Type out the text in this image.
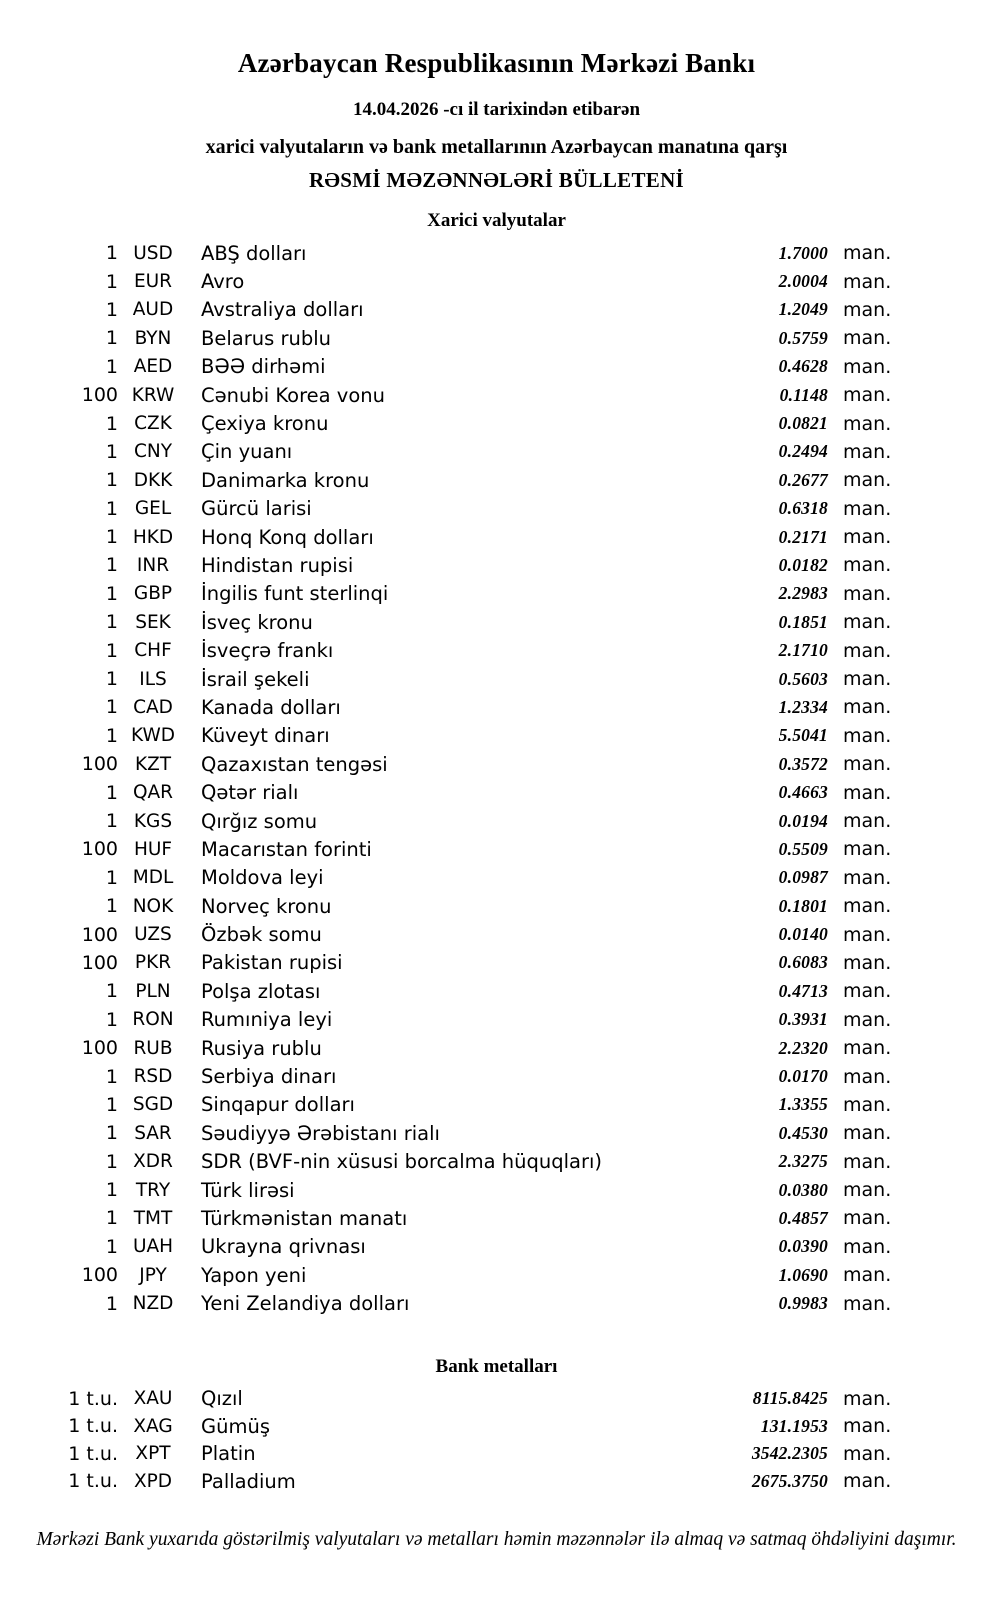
Azərbaycan Respublikasının Mərkəzi Bankı
14.04.2026 -cı il tarixindən etibarən
xarici valyutaların və bank metallarının Azərbaycan manatına qarşı
RƏSMİ MƏZƏNNƏLƏRİ BÜLLETENİ
Xarici valyutalar
1 USD	ABŞ dolları	1.7000 man.
1 EUR	Avro	2.0004 man.
1 AUD	Avstraliya dolları	1.2049 man.
1 BYN	Belarus rublu	0.5759 man.
1 AED	BƏƏ dirhəmi	0.4628 man.
100 KRW	Cənubi Korea vonu	0.1148 man.
1 CZK	Çexiya kronu	0.0821 man.
1 CNY	Çin yuanı	0.2494 man.
1 DKK	Danimarka kronu	0.2677 man.
1 GEL	Gürcü larisi	0.6318 man.
1 HKD	Honq Konq dolları	0.2171 man.
1	INR	Hindistan rupisi	0.0182 man.
1 GBP	İngilis funt sterlinqi	2.2983 man.
1 SEK	İsveç kronu	0.1851 man.
1 CHF	İsveçrə frankı	2.1710 man.
1	ILS	İsrail şekeli	0.5603 man.
1 CAD	Kanada dolları	1.2334 man.
1 KWD	Küveyt dinarı	5.5041 man.
100 KZT	Qazaxıstan tengəsi	0.3572 man.
1 QAR	Qətər rialı	0.4663 man.
1 KGS	Qırğız somu	0.0194 man.
100 HUF	Macarıstan forinti	0.5509 man.
1 MDL	Moldova leyi	0.0987 man.
1 NOK	Norveç kronu	0.1801 man.
100 UZS	Özbək somu	0.0140 man.
100 PKR	Pakistan rupisi	0.6083 man.
1 PLN	Polşa zlotası	0.4713 man.
1 RON	Rumıniya leyi	0.3931 man.
100 RUB	Rusiya rublu	2.2320 man.
1 RSD	Serbiya dinarı	0.0170 man.
1 SGD	Sinqapur dolları	1.3355 man.
1 SAR	Səudiyyə Ərəbistanı rialı	0.4530 man.
1 XDR	SDR (BVF-nin xüsusi borcalma hüquqları)	2.3275 man.
1 TRY	Türk lirəsi	0.0380 man.
1 TMT	Türkmənistan manatı	0.4857 man.
1 UAH	Ukrayna qrivnası	0.0390 man.
100	JPY	Yapon yeni	1.0690 man.
1 NZD	Yeni Zelandiya dolları	0.9983 man.
Bank metalları
1 t.u. XAU	Qızıl	8115.8425 man.
1 t.u. XAG	Gümüş	131.1953 man.
1 t.u. XPT	Platin	3542.2305 man.
1 t.u. XPD	Palladium	2675.3750 man.
Mərkəzi Bank yuxarıda göstərilmiş valyutaları və metalları həmin məzənnələr ilə almaq və satmaq öhdəliyini daşımır.
